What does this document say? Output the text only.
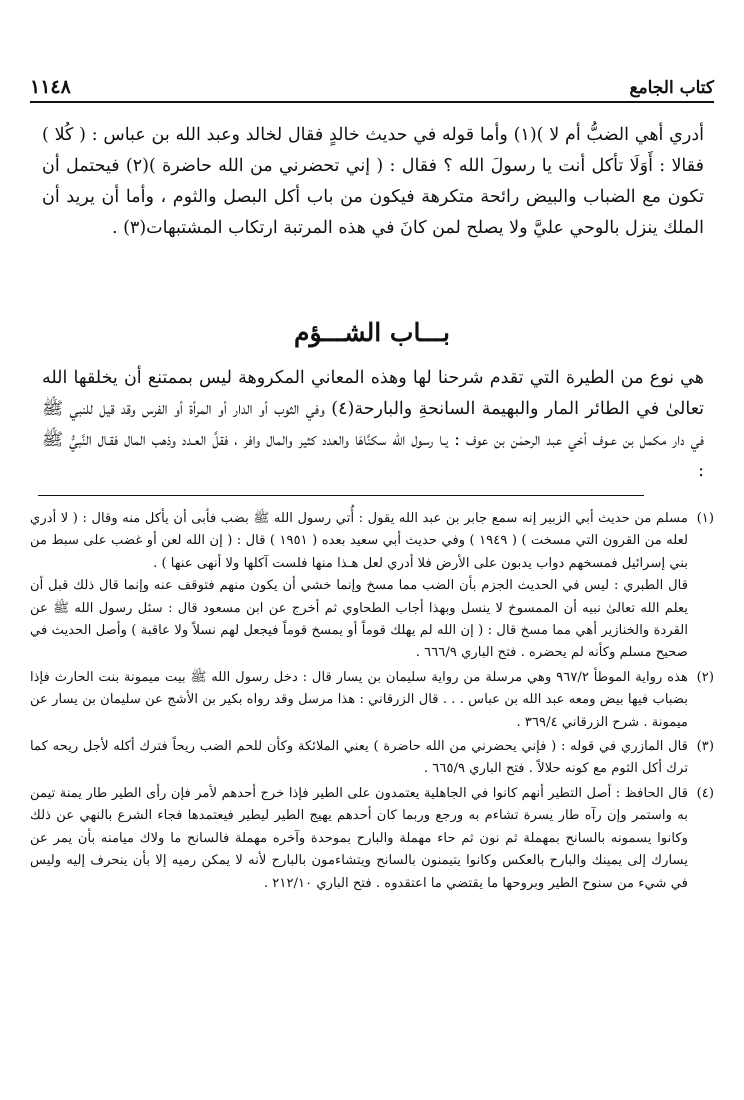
١١٤٨	كتاب الجامع

أدري أهي الضبُّ أم لا )(١) وأما قوله في حديث خالدٍ فقال لخالد وعبد الله بن عباس : ( كُلا ) فقالا : أَوَلَا تأكل أنت يا رسولَ الله ؟ فقال : ( إني تحضرني من الله حاضرة )(٢) فيحتمل أن تكون مع الضباب والبيض رائحة متكرهة فيكون من باب أكل البصل والثوم ، وأما أن يريد أن الملك ينزل بالوحي عليَّ ولا يصلح لمن كانَ في هذه المرتبة ارتكاب المشتبهات(٣) .

بـــاب الشـــؤم

هي نوع من الطيرة التي تقدم شرحنا لها وهذه المعاني المكروهة ليس بممتنع أن يخلقها الله تعالىٰ في الطائر المار والبهيمة السانحةِ والبارحة(٤) وفي الثوب أو الدار أو المرأة أو الفرس وقد قيل للنبي ﷺ في دار مكمل بن عـوف أخي عبد الرحمٰن بن عوف : يـا رسول الله سكنَّاهَا والعدد كثير والمال وافر ، فقلَّ العـدد وذهب المال فقـال النَّبيُّ ﷺ :

(١)

مسلم من حديث أبي الزبير إنه سمع جابر بن عبد الله يقول : أُتي رسول الله ﷺ بضب فأبى أن يأكل منه وقال : ( لا أدري لعله من القرون التي مسخت ) ( ١٩٤٩ ) وفي حديث أبي سعيد بعده ( ١٩٥١ ) قال : ( إن الله لعن أو غضب على سبط من بني إسرائيل فمسخهم دواب يدبون على الأرض فلا أدري لعل هـذا منها فلست آكلها ولا أنهى عنها ) .

قال الطبري : ليس في الحديث الجزم بأن الضب مما مسخ وإنما خشي أن يكون منهم فتوقف عنه وإنما قال ذلك قبل أن يعلم الله تعالىٰ نبيه أن الممسوخ لا ينسل وبهذا أجاب الطحاوي ثم أخرج عن ابن مسعود قال : سئل رسول الله ﷺ عن القردة والخنازير أهي مما مسخ قال : ( إن الله لم يهلك قوماً أو يمسخ قوماً فيجعل لهم نسلاً ولا عاقبة ) وأصل الحديث في صحيح مسلم وكأنه لم يحضره . فتح الباري ٦٦٦/٩ .

(٢)

هذه رواية الموطأ ٩٦٧/٢ وهي مرسلة من رواية سليمان بن يسار قال : دخل رسول الله ﷺ بيت ميمونة بنت الحارث فإذا بضباب فيها بيض ومعه عبد الله بن عباس . . . قال الزرقاني : هذا مرسل وقد رواه بكير بن الأشج عن سليمان بن يسار عن ميمونة . شرح الزرقاني ٣٦٩/٤ .

(٣)

قال المازري في قوله : ( فإني يحضرني من الله حاضرة ) يعني الملائكة وكأن للحم الضب ريحاً فترك أكله لأجل ريحه كما ترك أكل الثوم مع كونه حلالاً . فتح الباري ٦٦٥/٩ .

(٤)

قال الحافظ : أصل التطير أنهم كانوا في الجاهلية يعتمدون على الطير فإذا خرج أحدهم لأمر فإن رأى الطير طار يمنة تيمن به واستمر وإن رآه طار يسرة تشاءم به ورجع وربما كان أحدهم يهيج الطير ليطير فيعتمدها فجاء الشرع بالنهي عن ذلك وكانوا يسمونه بالسانح بمهملة ثم نون ثم حاء مهملة والبارح بموحدة وآخره مهملة فالسانح ما ولاك ميامنه بأن يمر عن يسارك إلى يمينك والبارح بالعكس وكانوا يتيمنون بالسانح ويتشاءمون بالبارح لأنه لا يمكن رميه إلا بأن ينحرف إليه وليس في شيء من سنوح الطير وبروحها ما يقتضي ما اعتقدوه . فتح الباري ٢١٢/١٠ .
